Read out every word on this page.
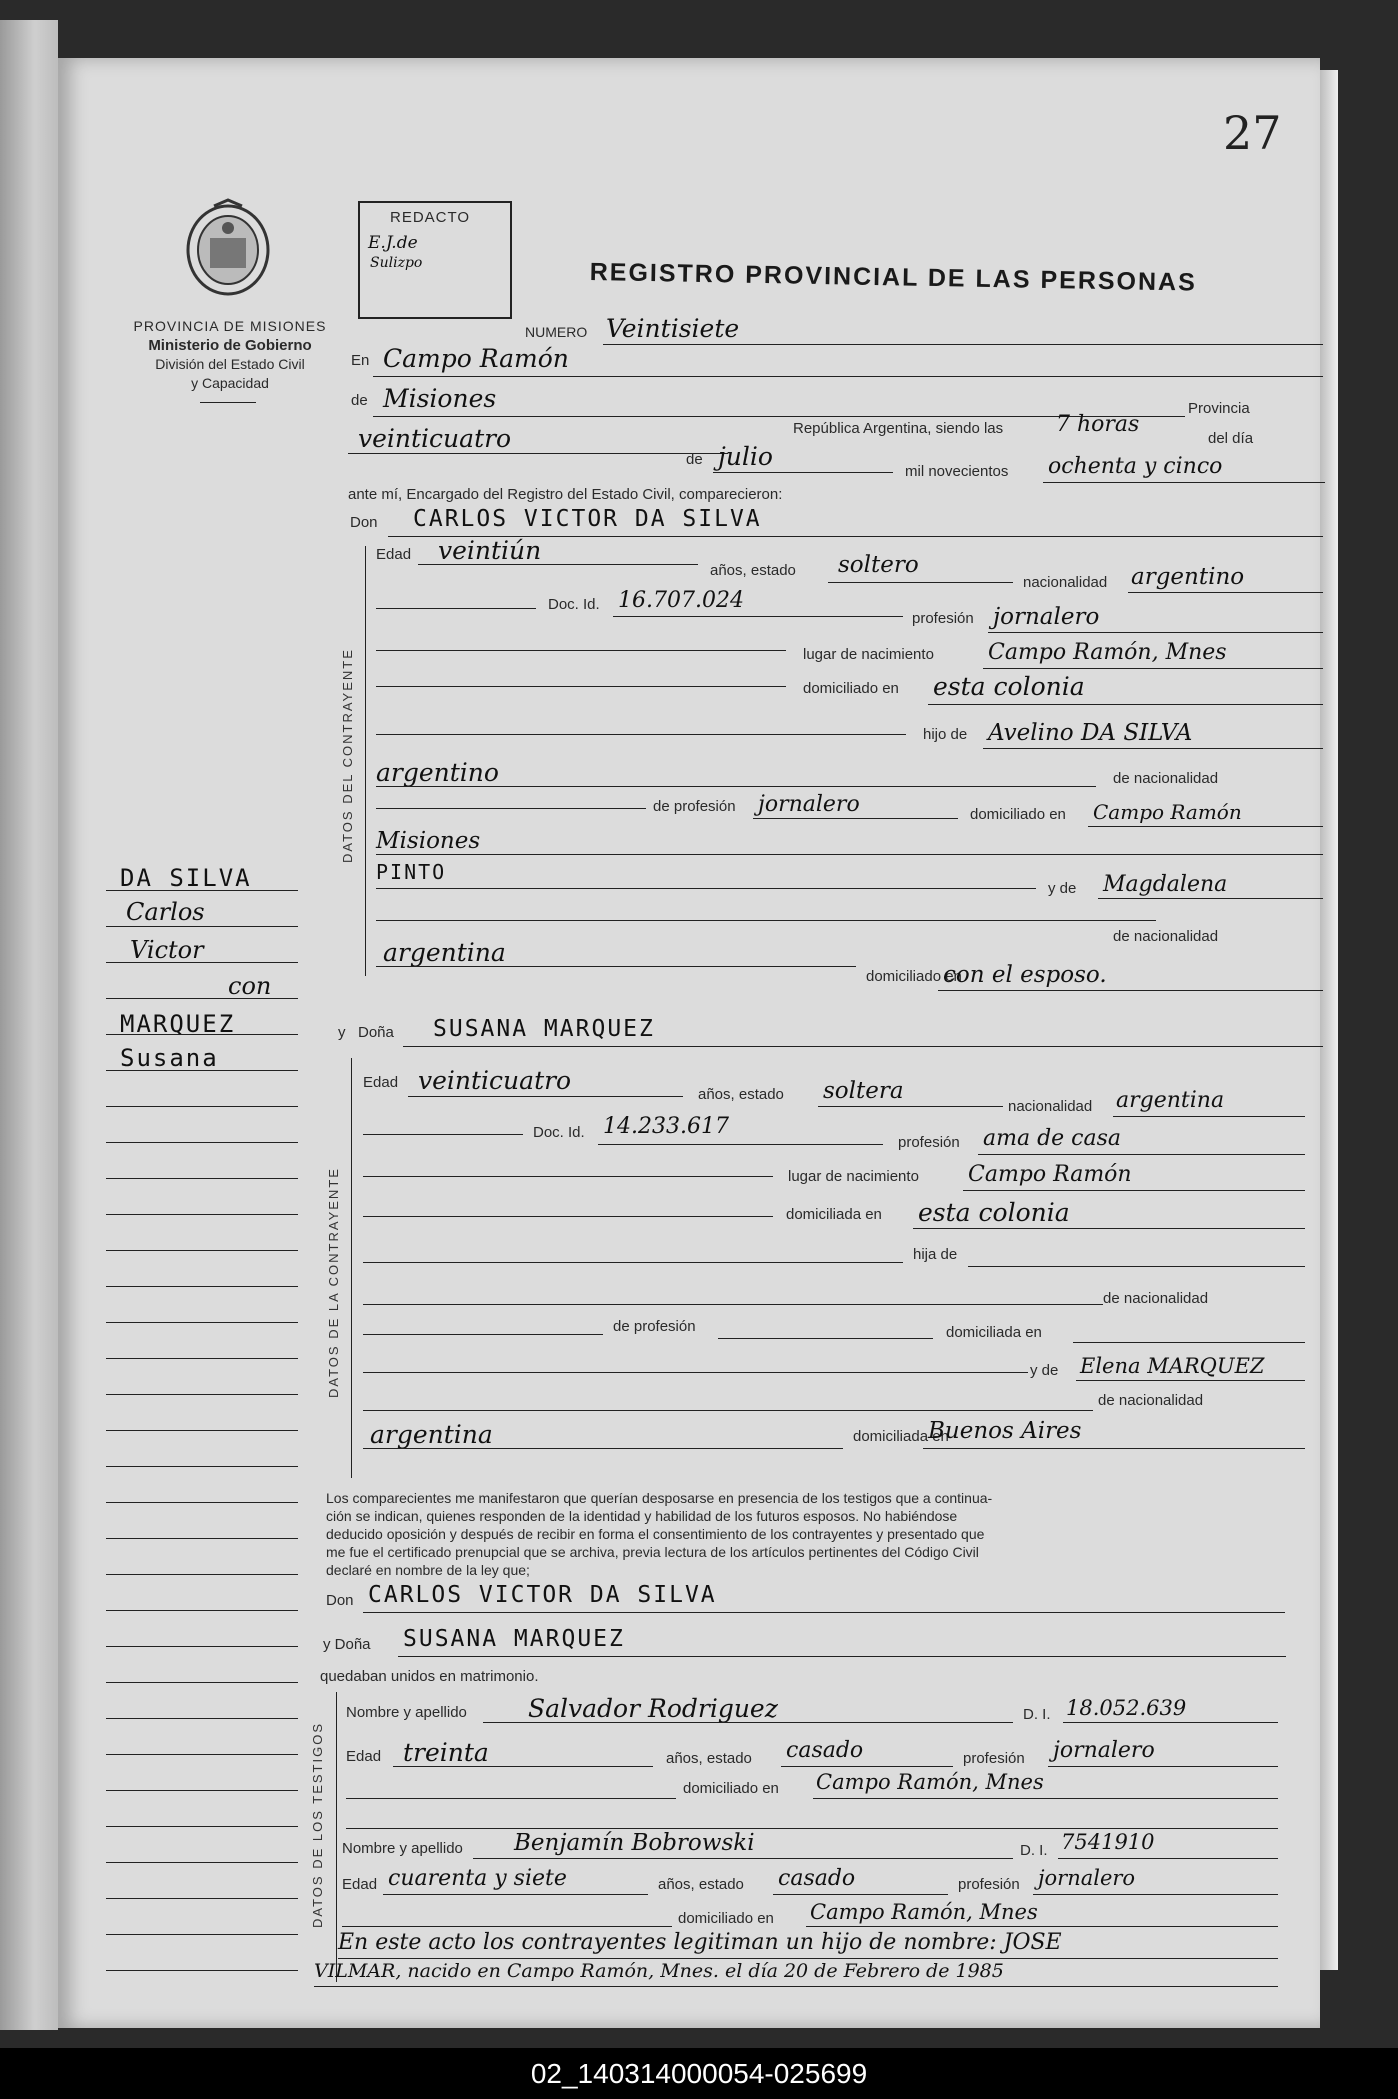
27
PROVINCIA DE MISIONES
Ministerio de Gobierno
División del Estado Civil
y Capacidad
REDACTO
E.J.de
Sulizpo	REGISTRO PROVINCIAL DE LAS PERSONAS
NUMERO Veintisiete
En Campo Ramón
de Misiones	Provincia
veinticuatro	República Argentina, siendo las 7 horas
del día
de julio
mil novecientos ochenta y cinco
ante mí, Encargado del Registro del Estado Civil, comparecieron:
Don CARLOS VICTOR DA SILVA
DATOS DEL CONTRAYENTE
Edad veintiún
años, estado soltero
nacionalidad argentino
Doc. Id. 16.707.024
profesión jornalero
lugar de nacimiento Campo Ramón, Mnes
domiciliado en esta colonia
hijo de Avelino DA SILVA
argentino	de nacionalidad
de profesión jornalero	domiciliado en Campo Ramón
Misiones
PINTO
y de Magdalena
de nacionalidad
argentina
domiciliado en
con el esposo.
y Doña SUSANA MARQUEZ
DATOS DE LA CONTRAYENTE
Edad veinticuatro	años, estado soltera
nacionalidad argentina
Doc. Id. 14.233.617
profesión ama de casa
lugar de nacimiento Campo Ramón
domiciliada en esta colonia
hija de
de nacionalidad
de profesión	domiciliada en
y de Elena MARQUEZ
de nacionalidad
argentina	domiciliada en
Buenos Aires
Los comparecientes me manifestaron que querían desposarse en presencia de los testigos que a continua-
ción se indican, quienes responden de la identidad y habilidad de los futuros esposos. No habiéndose
deducido oposición y después de recibir en forma el consentimiento de los contrayentes y presentado que
me fue el certificado prenupcial que se archiva, previa lectura de los artículos pertinentes del Código Civil
declaré en nombre de la ley que;
Don CARLOS VICTOR DA SILVA
y Doña SUSANA MARQUEZ
quedaban unidos en matrimonio.
DATOS DE LOS TESTIGOS
Nombre y apellido Salvador Rodriguez	D. I. 18.052.639
Edad treinta	años, estado casado	profesión jornalero
domiciliado en Campo Ramón, Mnes
Nombre y apellido Benjamín Bobrowski	D. I. 7541910
Edad cuarenta y siete	años, estado casado	profesión jornalero
domiciliado en Campo Ramón, Mnes
En este acto los contrayentes legitiman un hijo de nombre: JOSE
VILMAR, nacido en Campo Ramón, Mnes. el día 20 de Febrero de 1985
DA SILVA
Carlos
Victor
con
MARQUEZ
Susana
02_140314000054-025699
